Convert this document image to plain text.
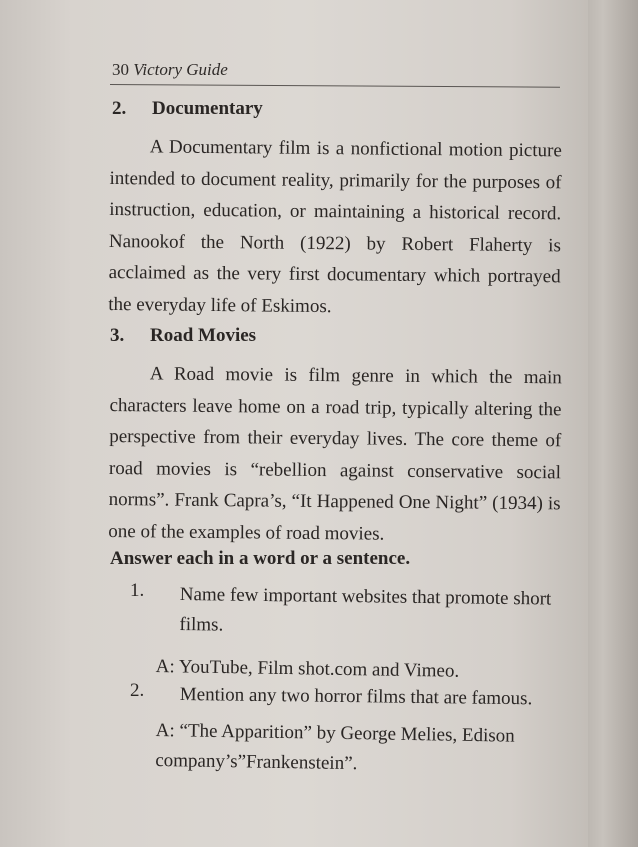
30 Victory Guide
2. Documentary

A Documentary film is a nonfictional motion picture intended to document reality, primarily for the purposes of instruction, education, or maintaining a historical record. Nanookof the North (1922) by Robert Flaherty is acclaimed as the very first documentary which portrayed the everyday life of Eskimos.

3. Road Movies

A Road movie is film genre in which the main characters leave home on a road trip, typically altering the perspective from their everyday lives. The core theme of road movies is “rebellion against conservative social norms”. Frank Capra’s, “It Happened One Night” (1934) is one of the examples of road movies.

Answer each in a word or a sentence.
1. Name few important websites that promote short films.
A: YouTube, Film shot.com and Vimeo.
2. Mention any two horror films that are famous.
A: “The Apparition” by George Melies, Edison company’s”Frankenstein”.
